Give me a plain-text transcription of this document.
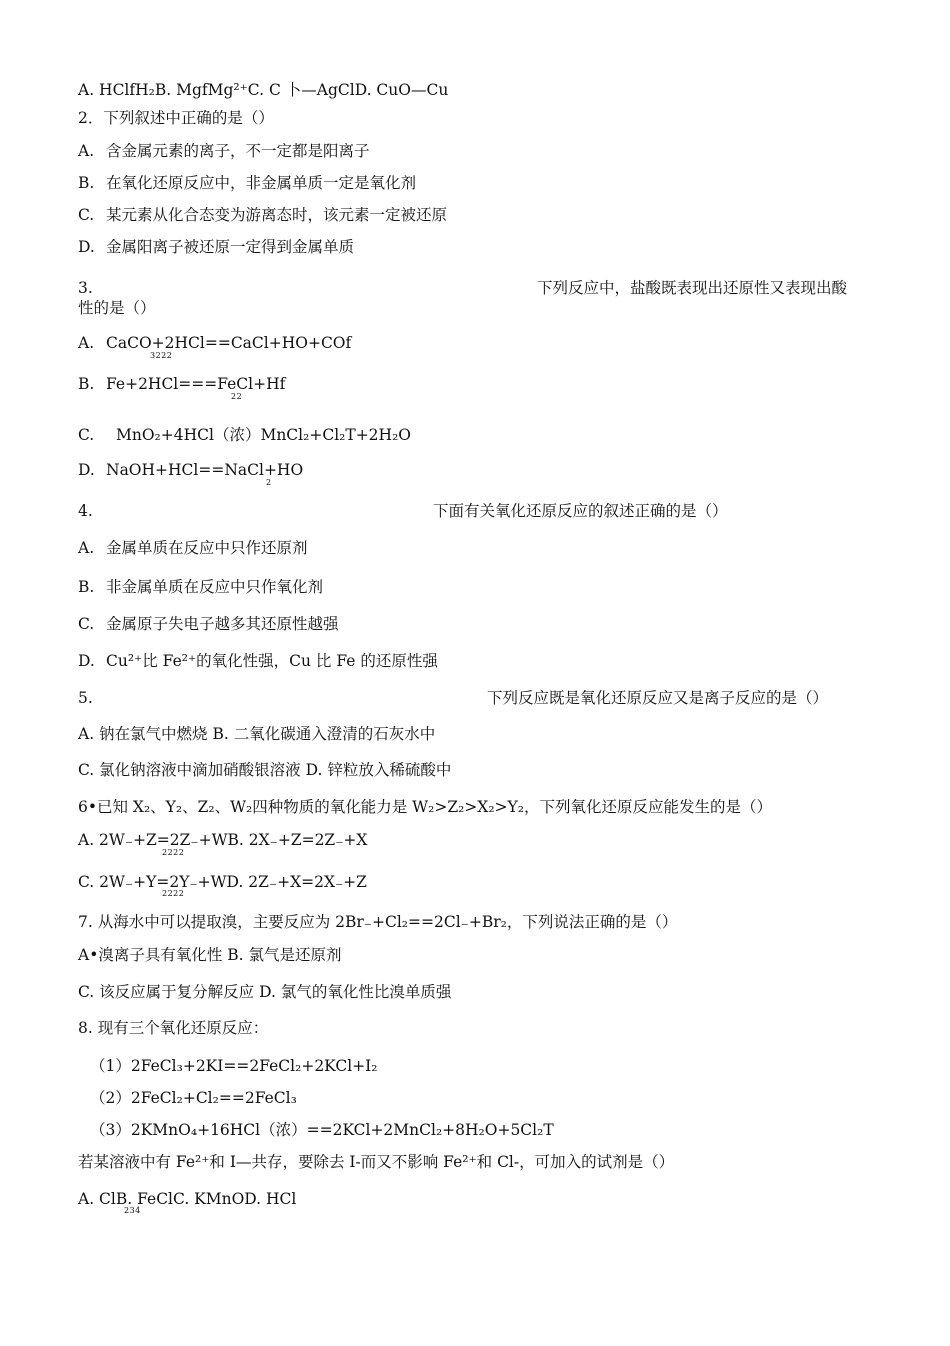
A. HClfH₂B. MgfMg²⁺C. C 卜—AgClD. CuO—Cu
2．下列叙述中正确的是（）
A. 含金属元素的离子，不一定都是阳离子
B. 在氧化还原反应中，非金属单质一定是氧化剂
C. 某元素从化合态变为游离态时，该元素一定被还原
D. 金属阳离子被还原一定得到金属单质
3.	下列反应中，盐酸既表现出还原性又表现出酸
性的是（）
A. CaCO+2HCl==CaCl+HO+COf
3222
B. Fe+2HCl===FeCl+Hf
22
C. MnO₂+4HCl（浓）MnCl₂+Cl₂T+2H₂O
D. NaOH+HCl==NaCl+HO
2
4.	下面有关氧化还原反应的叙述正确的是（）
A. 金属单质在反应中只作还原剂
B. 非金属单质在反应中只作氧化剂
C. 金属原子失电子越多其还原性越强
D. Cu²⁺比 Fe²⁺的氧化性强，Cu 比 Fe 的还原性强
5.	下列反应既是氧化还原反应又是离子反应的是（）
A. 钠在氯气中燃烧 B. 二氧化碳通入澄清的石灰水中
C. 氯化钠溶液中滴加硝酸银溶液 D. 锌粒放入稀硫酸中
6•已知 X₂、Y₂、Z₂、W₂四种物质的氧化能力是 W₂>Z₂>X₂>Y₂，下列氧化还原反应能发生的是（）
A. 2W₋+Z=2Z₋+WB. 2X₋+Z=2Z₋+X
2222
C. 2W₋+Y=2Y₋+WD. 2Z₋+X=2X₋+Z
2222
7. 从海水中可以提取溴，主要反应为 2Br₋+Cl₂==2Cl₋+Br₂，下列说法正确的是（）
A•溴离子具有氧化性 B. 氯气是还原剂
C. 该反应属于复分解反应 D. 氯气的氧化性比溴单质强
8. 现有三个氧化还原反应：
（1）2FeCl₃+2KI==2FeCl₂+2KCl+I₂
（2）2FeCl₂+Cl₂==2FeCl₃
（3）2KMnO₄+16HCl（浓）==2KCl+2MnCl₂+8H₂O+5Cl₂T
若某溶液中有 Fe²⁺和 I—共存，要除去 I-而又不影响 Fe²⁺和 Cl-，可加入的试剂是（）
A. ClB. FeClC. KMnOD. HCl
234
